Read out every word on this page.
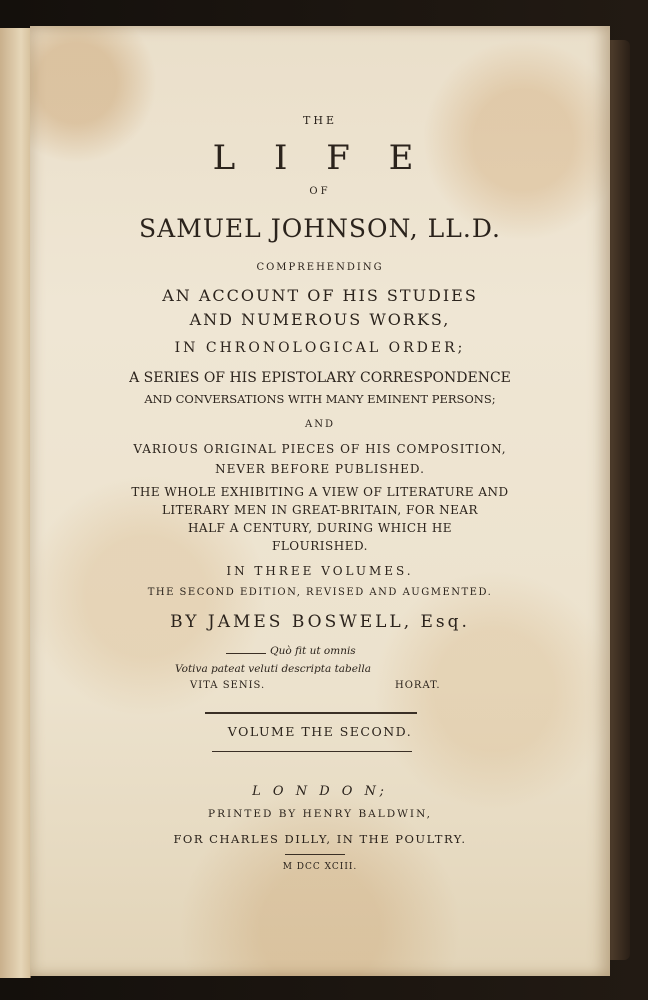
THE
L I F E
OF
SAMUEL JOHNSON, LL.D.
COMPREHENDING
AN ACCOUNT OF HIS STUDIES
AND NUMEROUS WORKS,
IN CHRONOLOGICAL ORDER;
A SERIES OF HIS EPISTOLARY CORRESPONDENCE
AND CONVERSATIONS WITH MANY EMINENT PERSONS;
AND
VARIOUS ORIGINAL PIECES OF HIS COMPOSITION,
NEVER BEFORE PUBLISHED.
THE WHOLE EXHIBITING A VIEW OF LITERATURE AND
LITERARY MEN IN GREAT-BRITAIN, FOR NEAR
HALF A CENTURY, DURING WHICH HE
FLOURISHED.
IN THREE VOLUMES.
THE SECOND EDITION, REVISED AND AUGMENTED.
BY JAMES BOSWELL, Esq.
Quò fit ut omnis
Votiva pateat veluti descripta tabella
VITA SENIS.	HORAT.
VOLUME THE SECOND.
L O N D O N;
PRINTED BY HENRY BALDWIN,
FOR CHARLES DILLY, IN THE POULTRY.
M DCC XCIII.
